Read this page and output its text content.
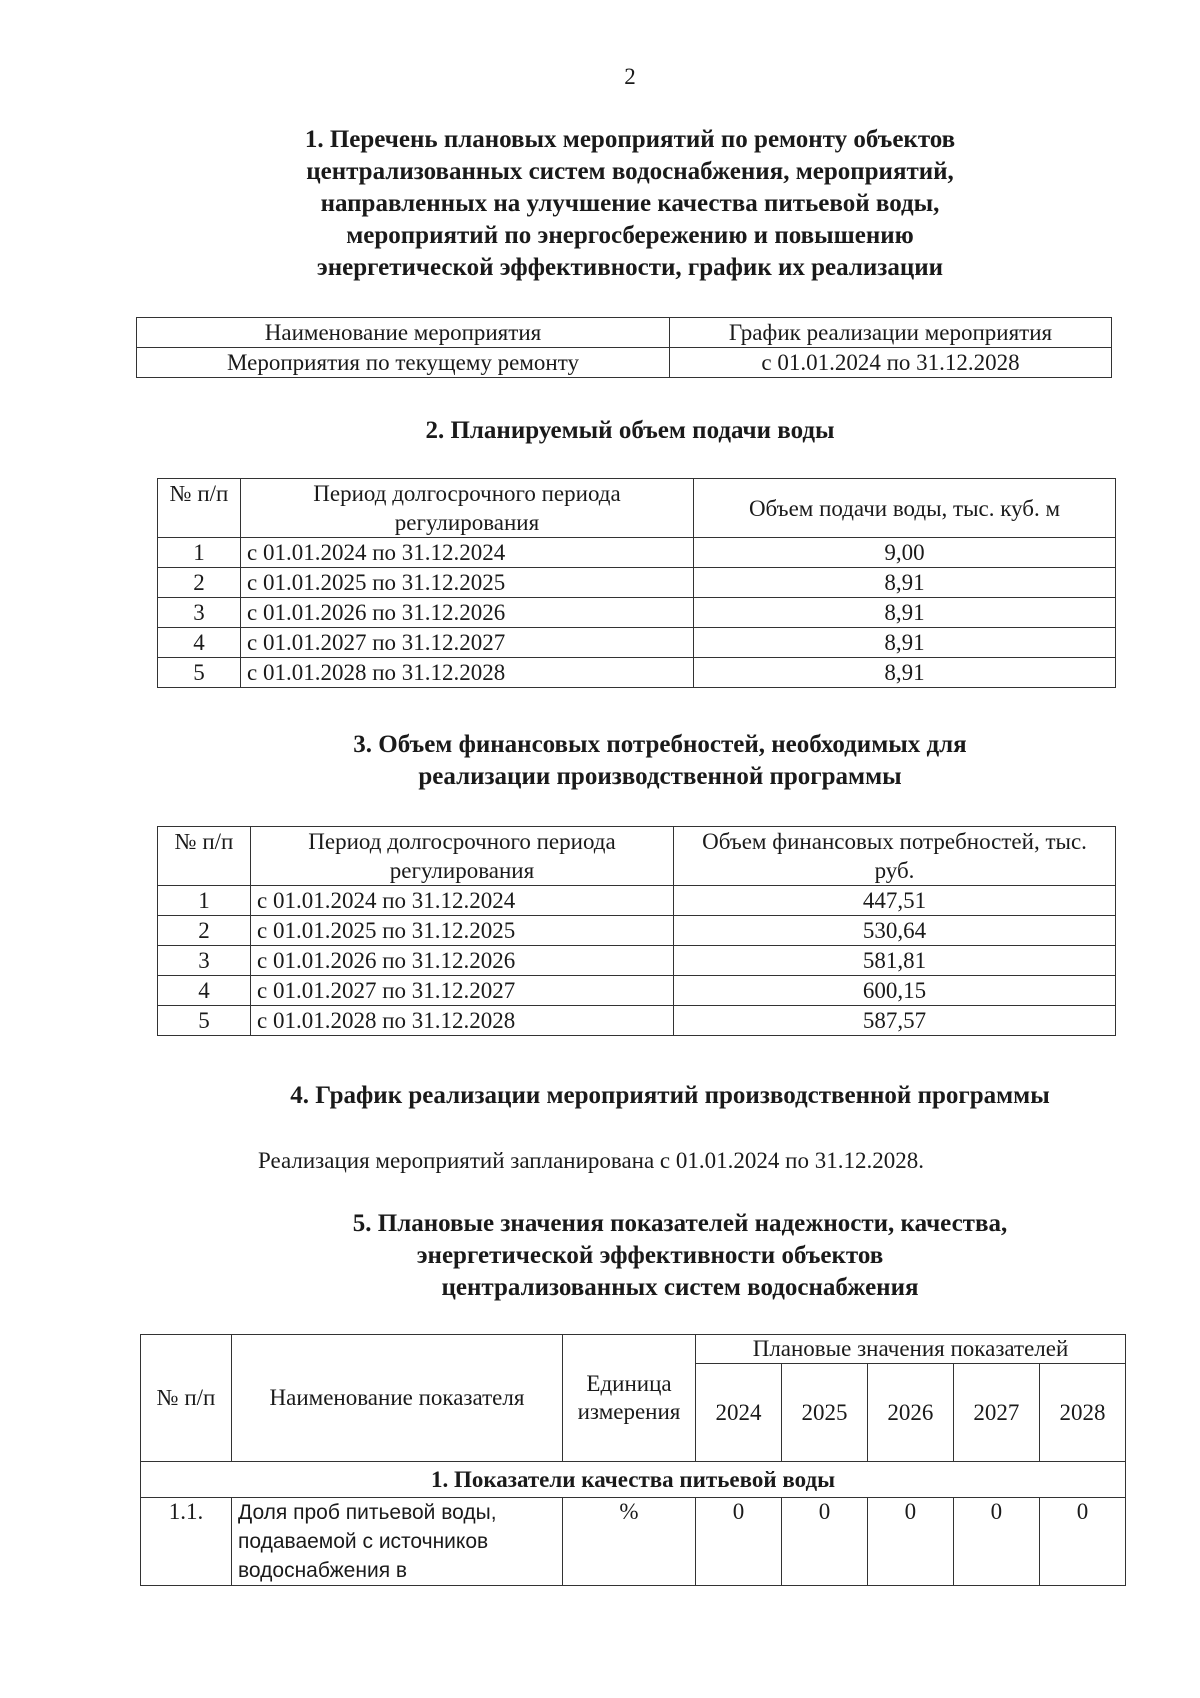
2
1. Перечень плановых мероприятий по ремонту объектов
централизованных систем водоснабжения, мероприятий,
направленных на улучшение качества питьевой воды,
мероприятий по энергосбережению и повышению
энергетической эффективности, график их реализации
Наименование мероприятия	График реализации мероприятия
Мероприятия по текущему ремонту	с 01.01.2024 по 31.12.2028
2. Планируемый объем подачи воды
№ п/п	Период долгосрочного периода регулирования	Объем подачи воды, тыс. куб. м
1	с 01.01.2024 по 31.12.2024	9,00
2	с 01.01.2025 по 31.12.2025	8,91
3	с 01.01.2026 по 31.12.2026	8,91
4	с 01.01.2027 по 31.12.2027	8,91
5	с 01.01.2028 по 31.12.2028	8,91
3. Объем финансовых потребностей, необходимых для
реализации производственной программы
№ п/п	Период долгосрочного периода регулирования	Объем финансовых потребностей, тыс. руб.
1	с 01.01.2024 по 31.12.2024	447,51
2	с 01.01.2025 по 31.12.2025	530,64
3	с 01.01.2026 по 31.12.2026	581,81
4	с 01.01.2027 по 31.12.2027	600,15
5	с 01.01.2028 по 31.12.2028	587,57
4. График реализации мероприятий производственной программы
Реализация мероприятий запланирована с 01.01.2024 по 31.12.2028.
5. Плановые значения показателей надежности, качества,
энергетической эффективности объектов
централизованных систем водоснабжения
№ п/п	Наименование показателя	Единица измерения	Плановые значения показателей				
			2024	2025	2026	2027	2028
1. Показатели качества питьевой воды							
1.1.	Доля проб питьевой воды, подаваемой с источников водоснабжения в	%	0	0	0	0	0
